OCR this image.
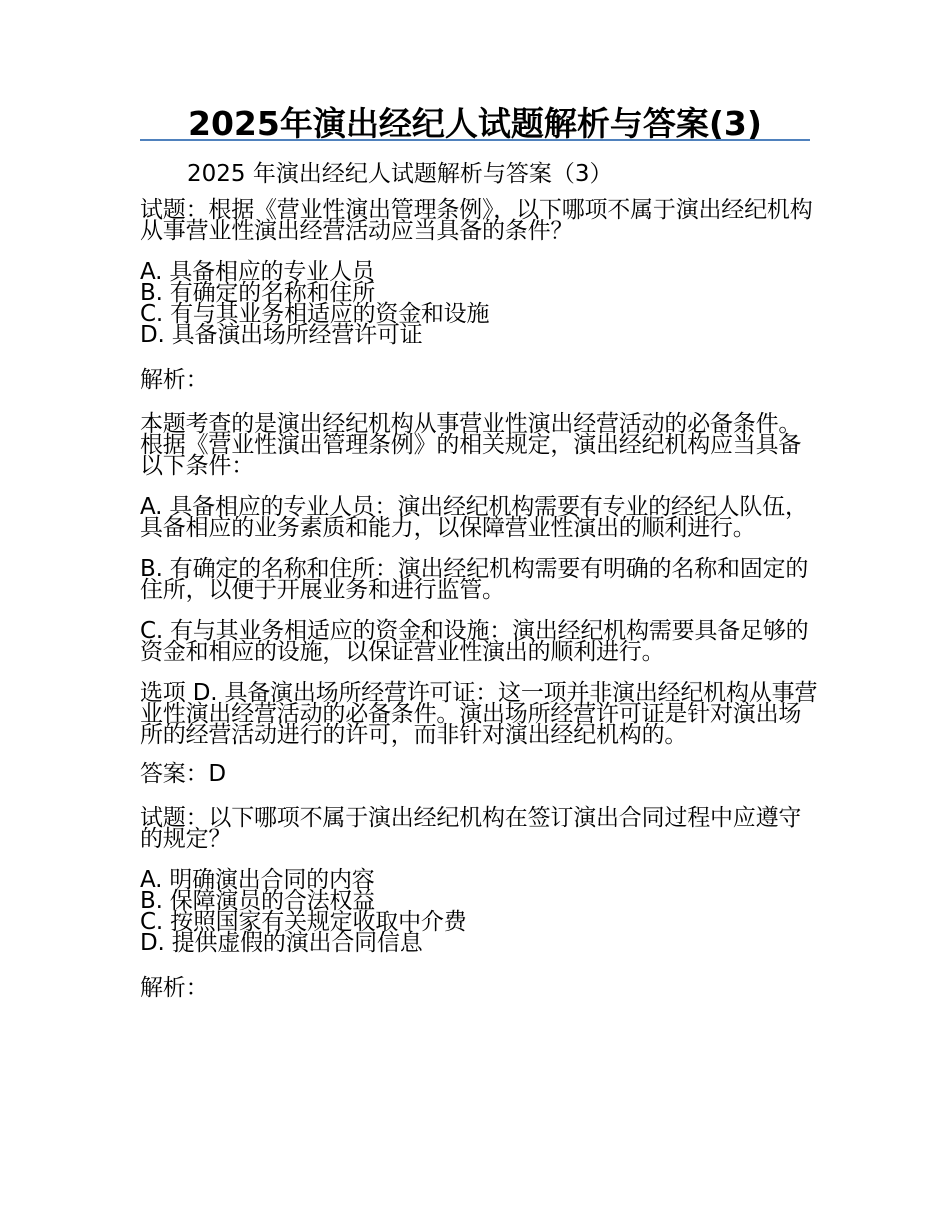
2025年演出经纪人试题解析与答案(3)

2025 年演出经纪人试题解析与答案（3）

试题：根据《营业性演出管理条例》，以下哪项不属于演出经纪机构从事营业性演出经营活动应当具备的条件？

A. 具备相应的专业人员
B. 有确定的名称和住所
C. 有与其业务相适应的资金和设施
D. 具备演出场所经营许可证

解析：

本题考查的是演出经纪机构从事营业性演出经营活动的必备条件。根据《营业性演出管理条例》的相关规定，演出经纪机构应当具备以下条件：

A. 具备相应的专业人员：演出经纪机构需要有专业的经纪人队伍，具备相应的业务素质和能力，以保障营业性演出的顺利进行。

B. 有确定的名称和住所：演出经纪机构需要有明确的名称和固定的住所，以便于开展业务和进行监管。

C. 有与其业务相适应的资金和设施：演出经纪机构需要具备足够的资金和相应的设施，以保证营业性演出的顺利进行。

选项 D. 具备演出场所经营许可证：这一项并非演出经纪机构从事营业性演出经营活动的必备条件。演出场所经营许可证是针对演出场所的经营活动进行的许可，而非针对演出经纪机构的。

答案：D

试题：以下哪项不属于演出经纪机构在签订演出合同过程中应遵守的规定？

A. 明确演出合同的内容
B. 保障演员的合法权益
C. 按照国家有关规定收取中介费
D. 提供虚假的演出合同信息

解析：
